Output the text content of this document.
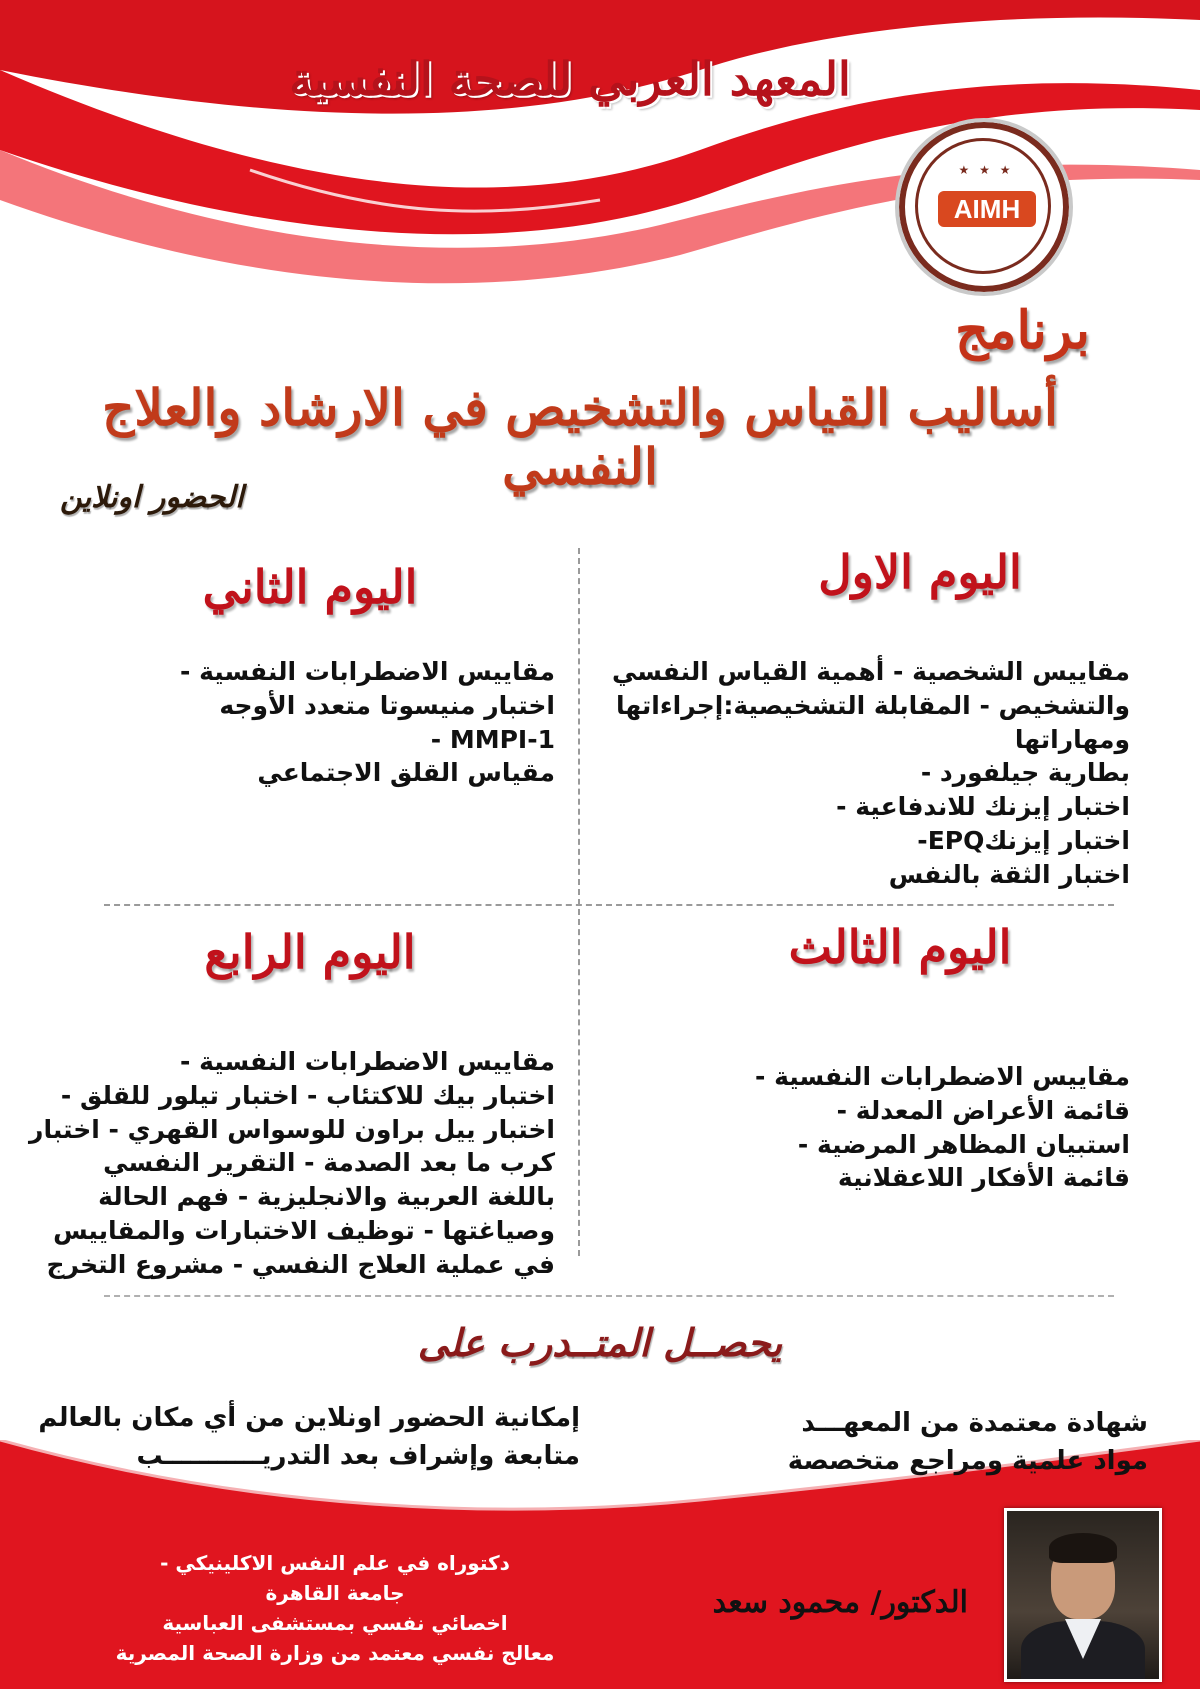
المعهد العربي للصحة النفسية
★ ★ ★
AIMH
برنامج
أساليب القياس والتشخيص في الارشاد والعلاج النفسي
الحضور اونلاين
اليوم الاول
مقاييس الشخصية - أهمية القياس النفسي
والتشخيص - المقابلة التشخيصية:إجراءاتها
ومهاراتها
بطارية جيلفورد -
اختبار إيزنك للاندفاعية -
اختبار إيزنكEPQ-
اختبار الثقة بالنفس
اليوم الثاني
مقاييس الاضطرابات النفسية -
اختبار منيسوتا متعدد الأوجه
MMPI-1 -
مقياس القلق الاجتماعي
اليوم الثالث
مقاييس الاضطرابات النفسية -
قائمة الأعراض المعدلة -
استبيان المظاهر المرضية -
قائمة الأفكار اللاعقلانية
اليوم الرابع
مقاييس الاضطرابات النفسية -
اختبار بيك للاكتئاب - اختبار تيلور للقلق -
اختبار ييل براون للوسواس القهري - اختبار
كرب ما بعد الصدمة - التقرير النفسي
باللغة العربية والانجليزية - فهم الحالة
وصياغتها - توظيف الاختبارات والمقاييس
في عملية العلاج النفسي - مشروع التخرج
يحصــل المتــدرب على
شهادة معتمدة من المعهـــد
مواد علمية ومراجع متخصصة
إمكانية الحضور اونلاين من أي مكان بالعالم
متابعة وإشراف بعد التدريـــــــــــب
الدكتور/ محمود سعد
دكتوراه في علم النفس الاكلينيكي -
جامعة القاهرة
اخصائي نفسي بمستشفى العباسية
معالج نفسي معتمد من وزارة الصحة المصرية
